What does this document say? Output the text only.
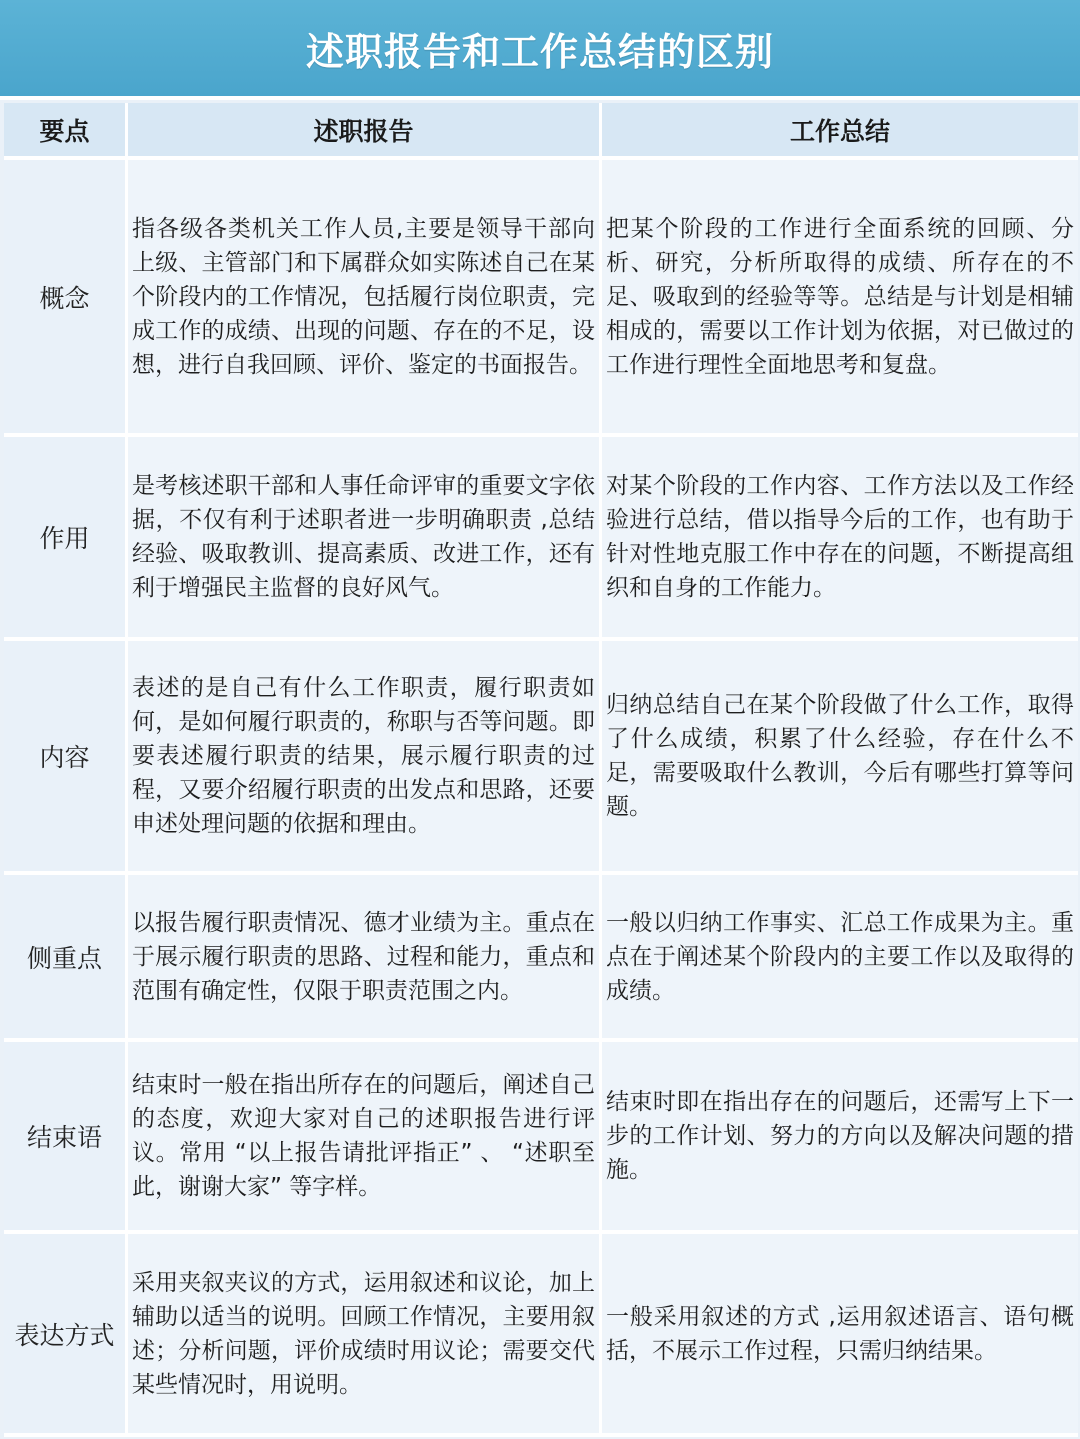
述职报告和工作总结的区别
要点	述职报告	工作总结
概念	指各级各类机关工作人员,主要是领导干部向上级、主管部门和下属群众如实陈述自己在某个阶段内的工作情况，包括履行岗位职责，完成工作的成绩、出现的问题、存在的不足，设想，进行自我回顾、评价、鉴定的书面报告。	把某个阶段的工作进行全面系统的回顾、分析、研究，分析所取得的成绩、所存在的不足、吸取到的经验等等。总结是与计划是相辅相成的，需要以工作计划为依据，对已做过的工作进行理性全面地思考和复盘。
作用	是考核述职干部和人事任命评审的重要文字依据，不仅有利于述职者进一步明确职责 ,总结经验、吸取教训、提高素质、改进工作，还有利于增强民主监督的良好风气。	对某个阶段的工作内容、工作方法以及工作经验进行总结，借以指导今后的工作，也有助于针对性地克服工作中存在的问题，不断提高组织和自身的工作能力。
内容	表述的是自己有什么工作职责，履行职责如何，是如何履行职责的，称职与否等问题。即要表述履行职责的结果，展示履行职责的过程，又要介绍履行职责的出发点和思路，还要申述处理问题的依据和理由。	归纳总结自己在某个阶段做了什么工作，取得了什么成绩，积累了什么经验，存在什么不足，需要吸取什么教训，今后有哪些打算等问题。
侧重点	以报告履行职责情况、德才业绩为主。重点在于展示履行职责的思路、过程和能力，重点和范围有确定性，仅限于职责范围之内。	一般以归纳工作事实、汇总工作成果为主。重点在于阐述某个阶段内的主要工作以及取得的成绩。
结束语	结束时一般在指出所存在的问题后，阐述自己的态度，欢迎大家对自己的述职报告进行评议。常用 “以上报告请批评指正” 、 “述职至此，谢谢大家” 等字样。	结束时即在指出存在的问题后，还需写上下一步的工作计划、努力的方向以及解决问题的措施。
表达方式	采用夹叙夹议的方式，运用叙述和议论，加上辅助以适当的说明。回顾工作情况，主要用叙述；分析问题，评价成绩时用议论；需要交代某些情况时，用说明。	一般采用叙述的方式 ,运用叙述语言、语句概括，不展示工作过程，只需归纳结果。
